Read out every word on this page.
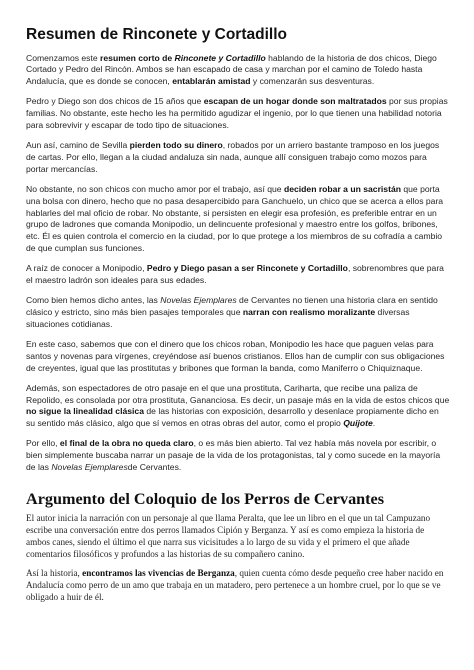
Resumen de Rinconete y Cortadillo

Comenzamos este resumen corto de Rinconete y Cortadillo hablando de la historia de dos chicos, Diego Cortado y Pedro del Rincón. Ambos se han escapado de casa y marchan por el camino de Toledo hasta Andalucía, que es donde se conocen, entablarán amistad y comenzarán sus desventuras.

Pedro y Diego son dos chicos de 15 años que escapan de un hogar donde son maltratados por sus propias familias. No obstante, este hecho les ha permitido agudizar el ingenio, por lo que tienen una habilidad notoria para sobrevivir y escapar de todo tipo de situaciones.

Aun así, camino de Sevilla pierden todo su dinero, robados por un arriero bastante tramposo en los juegos de cartas. Por ello, llegan a la ciudad andaluza sin nada, aunque allí consiguen trabajo como mozos para portar mercancías.

No obstante, no son chicos con mucho amor por el trabajo, así que deciden robar a un sacristán que porta una bolsa con dinero, hecho que no pasa desapercibido para Ganchuelo, un chico que se acerca a ellos para hablarles del mal oficio de robar. No obstante, si persisten en elegir esa profesión, es preferible entrar en un grupo de ladrones que comanda Monipodio, un delincuente profesional y maestro entre los golfos, bribones, etc. Él es quien controla el comercio en la ciudad, por lo que protege a los miembros de su cofradía a cambio de que cumplan sus funciones.

A raíz de conocer a Monipodio, Pedro y Diego pasan a ser Rinconete y Cortadillo, sobrenombres que para el maestro ladrón son ideales para sus edades.

Como bien hemos dicho antes, las Novelas Ejemplares de Cervantes no tienen una historia clara en sentido clásico y estricto, sino más bien pasajes temporales que narran con realismo moralizante diversas situaciones cotidianas.

En este caso, sabemos que con el dinero que los chicos roban, Monipodio les hace que paguen velas para santos y novenas para vírgenes, creyéndose así buenos cristianos. Ellos han de cumplir con sus obligaciones de creyentes, igual que las prostitutas y bribones que forman la banda, como Maniferro o Chiquiznaque.

Además, son espectadores de otro pasaje en el que una prostituta, Cariharta, que recibe una paliza de Repolido, es consolada por otra prostituta, Gananciosa. Es decir, un pasaje más en la vida de estos chicos que no sigue la linealidad clásica de las historias con exposición, desarrollo y desenlace propiamente dicho en su sentido más clásico, algo que sí vemos en otras obras del autor, como el propio Quijote.

Por ello, el final de la obra no queda claro, o es más bien abierto. Tal vez había más novela por escribir, o bien simplemente buscaba narrar un pasaje de la vida de los protagonistas, tal y como sucede en la mayoría de las Novelas Ejemplaresde Cervantes.

Argumento del Coloquio de los Perros de Cervantes

El autor inicia la narración con un personaje al que llama Peralta, que lee un libro en el que un tal Campuzano escribe una conversación entre dos perros llamados Cipión y Berganza. Y así es como empieza la historia de ambos canes, siendo el último el que narra sus vicisitudes a lo largo de su vida y el primero el que añade comentarios filosóficos y profundos a las historias de su compañero canino.

Así la historia, encontramos las vivencias de Berganza, quien cuenta cómo desde pequeño cree haber nacido en Andalucía como perro de un amo que trabaja en un matadero, pero pertenece a un hombre cruel, por lo que se ve obligado a huir de él.
